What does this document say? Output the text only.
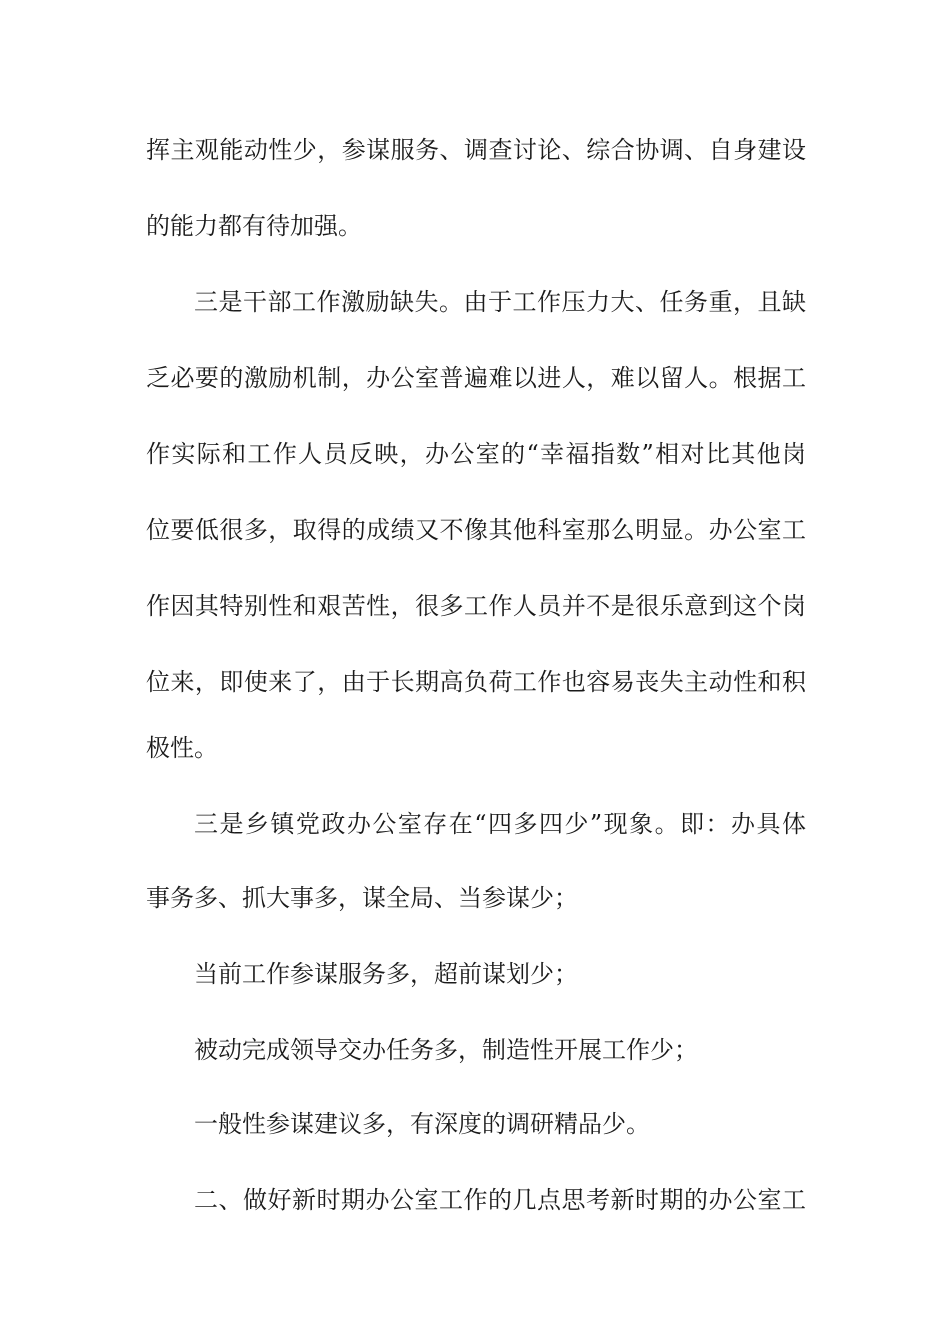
挥主观能动性少，参谋服务、调查讨论、综合协调、自身建设
的能力都有待加强。
三是干部工作激励缺失。由于工作压力大、任务重，且缺
乏必要的激励机制，办公室普遍难以进人，难以留人。根据工
作实际和工作人员反映，办公室的“幸福指数”相对比其他岗
位要低很多，取得的成绩又不像其他科室那么明显。办公室工
作因其特别性和艰苦性，很多工作人员并不是很乐意到这个岗
位来，即使来了，由于长期高负荷工作也容易丧失主动性和积
极性。
三是乡镇党政办公室存在“四多四少”现象。即：办具体
事务多、抓大事多，谋全局、当参谋少；
当前工作参谋服务多，超前谋划少；
被动完成领导交办任务多，制造性开展工作少；
一般性参谋建议多，有深度的调研精品少。
二、做好新时期办公室工作的几点思考新时期的办公室工
